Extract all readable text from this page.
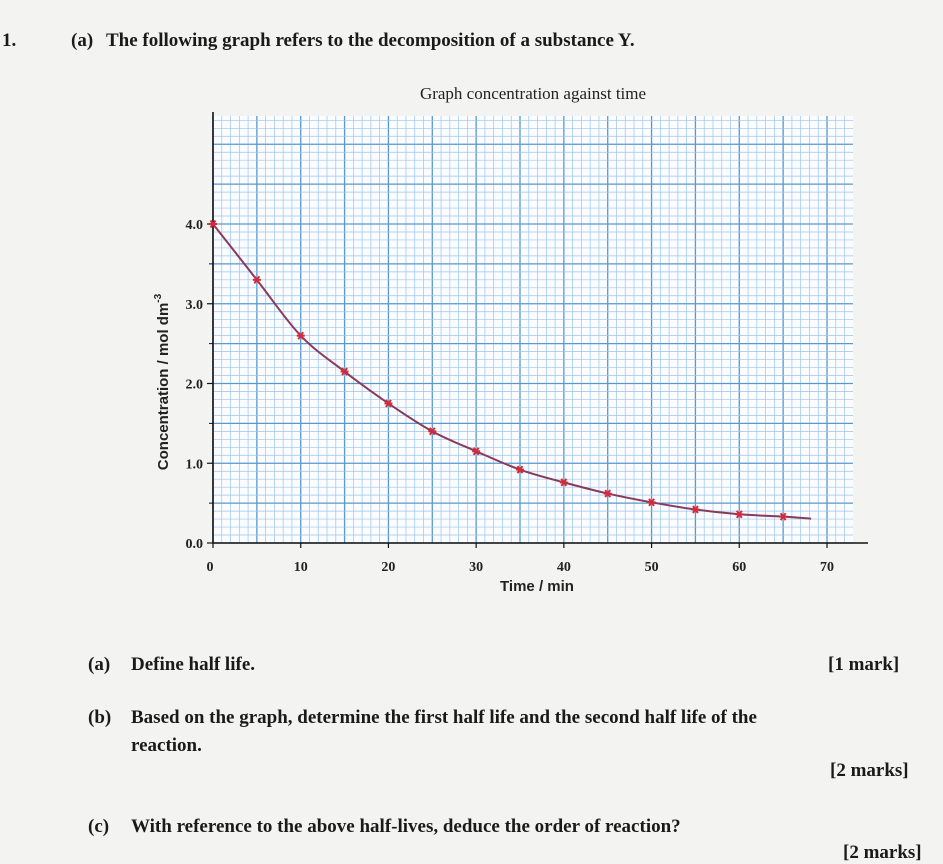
1.	(a) The following graph refers to the decomposition of a substance Y.
Graph concentration against time
0	10	20	30	40	50	60	70
0.0
1.0
2.0
3.0
4.0
Time / min
Concentration / mol $dm^{-3}$
(a) Define half life.	[1 mark]
(b) Based on the graph, determine the first half life and the second half life of the
reaction.
[2 marks]
(c) With reference to the above half-lives, deduce the order of reaction?
[2 marks]
